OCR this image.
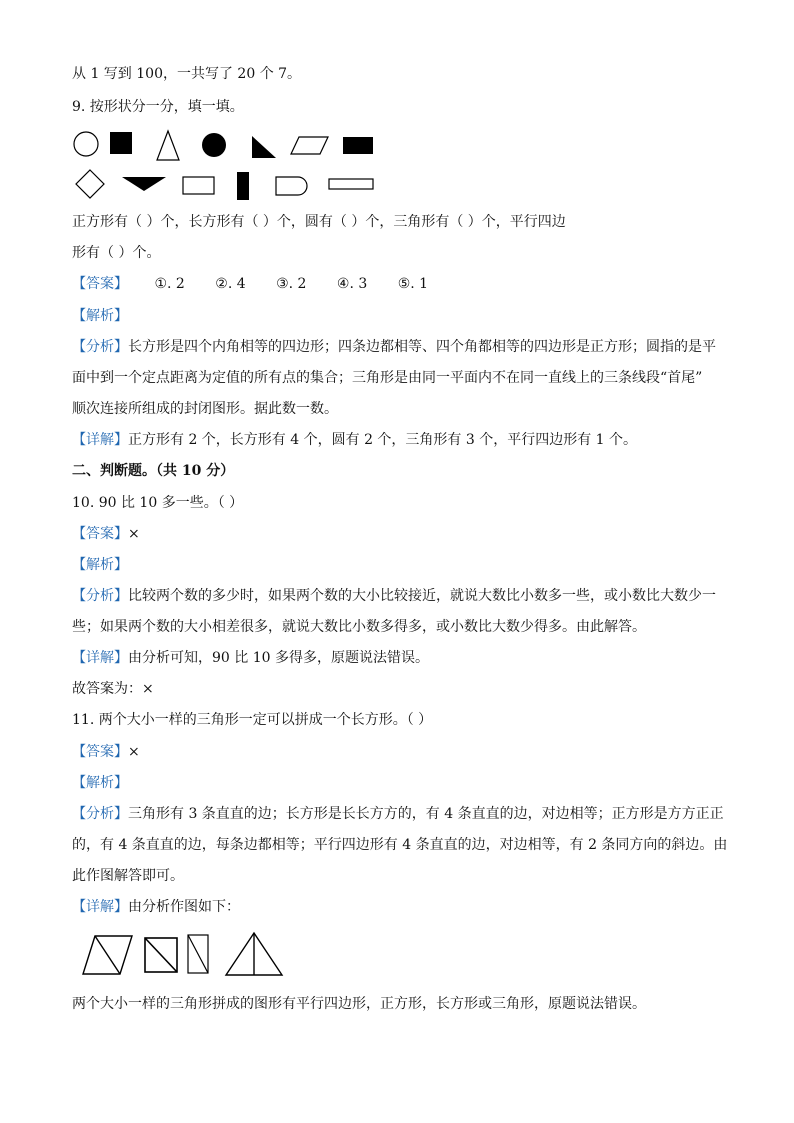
从 1 写到 100，一共写了 20 个 7。
9. 按形状分一分，填一填。
正方形有（ ）个，长方形有（ ）个，圆有（ ）个，三角形有（ ）个，平行四边
形有（ ）个。
【答案】 ①. 2 ②. 4 ③. 2 ④. 3 ⑤. 1
【解析】
【分析】长方形是四个内角相等的四边形；四条边都相等、四个角都相等的四边形是正方形；圆指的是平
面中到一个定点距离为定值的所有点的集合；三角形是由同一平面内不在同一直线上的三条线段“首尾”
顺次连接所组成的封闭图形。据此数一数。
【详解】正方形有 2 个，长方形有 4 个，圆有 2 个，三角形有 3 个，平行四边形有 1 个。
二、判断题。（共 10 分）
10. 90 比 10 多一些。（ ）
【答案】×
【解析】
【分析】比较两个数的多少时，如果两个数的大小比较接近，就说大数比小数多一些，或小数比大数少一
些；如果两个数的大小相差很多，就说大数比小数多得多，或小数比大数少得多。由此解答。
【详解】由分析可知，90 比 10 多得多，原题说法错误。
故答案为：×
11. 两个大小一样的三角形一定可以拼成一个长方形。（ ）
【答案】×
【解析】
【分析】三角形有 3 条直直的边；长方形是长长方方的，有 4 条直直的边，对边相等；正方形是方方正正
的，有 4 条直直的边，每条边都相等；平行四边形有 4 条直直的边，对边相等，有 2 条同方向的斜边。由
此作图解答即可。
【详解】由分析作图如下：
两个大小一样的三角形拼成的图形有平行四边形，正方形，长方形或三角形，原题说法错误。
